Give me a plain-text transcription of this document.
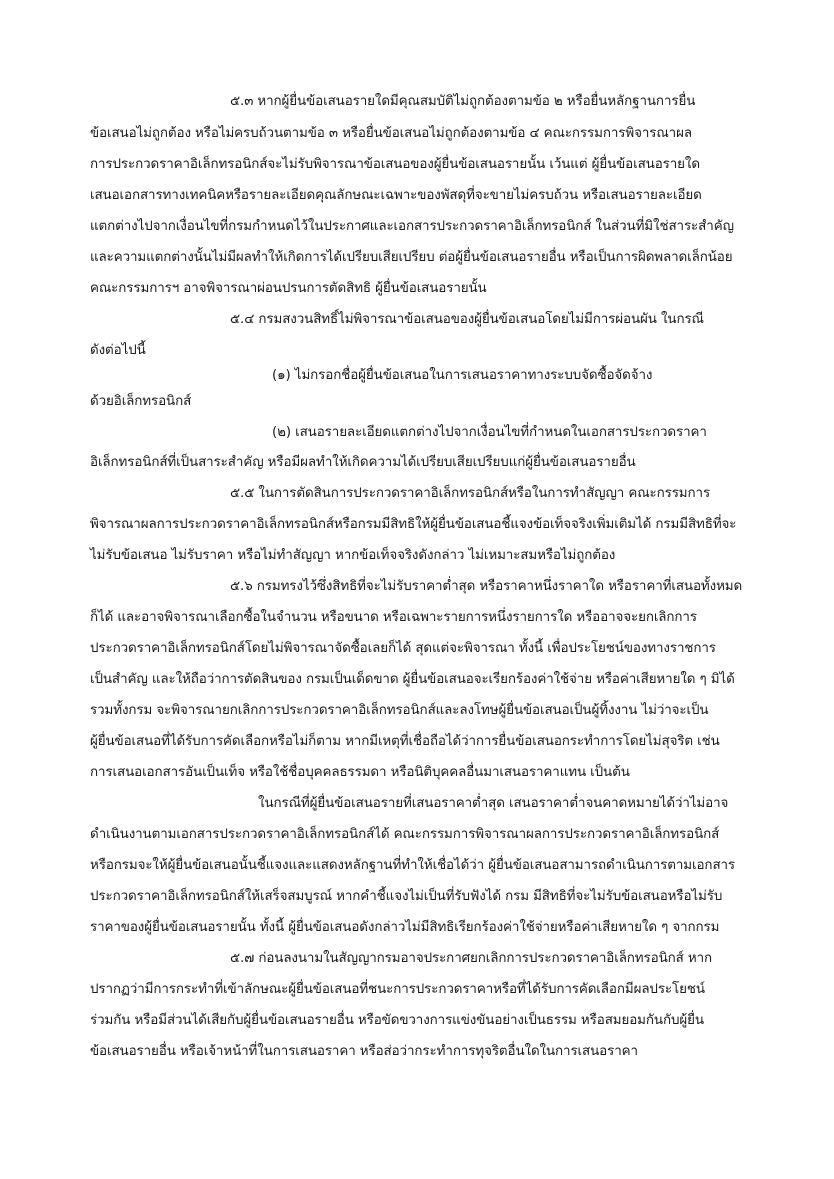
๕.๓ หากผู้ยื่นข้อเสนอรายใดมีคุณสมบัติไม่ถูกต้องตามข้อ ๒ หรือยื่นหลักฐานการยื่น
ข้อเสนอไม่ถูกต้อง หรือไม่ครบถ้วนตามข้อ ๓ หรือยื่นข้อเสนอไม่ถูกต้องตามข้อ ๔ คณะกรรมการพิจารณาผล
การประกวดราคาอิเล็กทรอนิกส์จะไม่รับพิจารณาข้อเสนอของผู้ยื่นข้อเสนอรายนั้น เว้นแต่ ผู้ยื่นข้อเสนอรายใด
เสนอเอกสารทางเทคนิคหรือรายละเอียดคุณลักษณะเฉพาะของพัสดุที่จะขายไม่ครบถ้วน หรือเสนอรายละเอียด
แตกต่างไปจากเงื่อนไขที่กรมกำหนดไว้ในประกาศและเอกสารประกวดราคาอิเล็กทรอนิกส์ ในส่วนที่มิใช่สาระสำคัญ
และความแตกต่างนั้นไม่มีผลทำให้เกิดการได้เปรียบเสียเปรียบ ต่อผู้ยื่นข้อเสนอรายอื่น หรือเป็นการผิดพลาดเล็กน้อย
คณะกรรมการฯ อาจพิจารณาผ่อนปรนการตัดสิทธิ ผู้ยื่นข้อเสนอรายนั้น
๕.๔ กรมสงวนสิทธิ์ไม่พิจารณาข้อเสนอของผู้ยื่นข้อเสนอโดยไม่มีการผ่อนผัน ในกรณี
ดังต่อไปนี้
(๑) ไม่กรอกชื่อผู้ยื่นข้อเสนอในการเสนอราคาทางระบบจัดซื้อจัดจ้าง
ด้วยอิเล็กทรอนิกส์
(๒) เสนอรายละเอียดแตกต่างไปจากเงื่อนไขที่กำหนดในเอกสารประกวดราคา
อิเล็กทรอนิกส์ที่เป็นสาระสำคัญ หรือมีผลทำให้เกิดความได้เปรียบเสียเปรียบแก่ผู้ยื่นข้อเสนอรายอื่น
๕.๕ ในการตัดสินการประกวดราคาอิเล็กทรอนิกส์หรือในการทำสัญญา คณะกรรมการ
พิจารณาผลการประกวดราคาอิเล็กทรอนิกส์หรือกรมมีสิทธิให้ผู้ยื่นข้อเสนอชี้แจงข้อเท็จจริงเพิ่มเติมได้ กรมมีสิทธิที่จะ
ไม่รับข้อเสนอ ไม่รับราคา หรือไม่ทำสัญญา หากข้อเท็จจริงดังกล่าว ไม่เหมาะสมหรือไม่ถูกต้อง
๕.๖ กรมทรงไว้ซึ่งสิทธิที่จะไม่รับราคาต่ำสุด หรือราคาหนึ่งราคาใด หรือราคาที่เสนอทั้งหมด
ก็ได้ และอาจพิจารณาเลือกซื้อในจำนวน หรือขนาด หรือเฉพาะรายการหนึ่งรายการใด หรืออาจจะยกเลิกการ
ประกวดราคาอิเล็กทรอนิกส์โดยไม่พิจารณาจัดซื้อเลยก็ได้ สุดแต่จะพิจารณา ทั้งนี้ เพื่อประโยชน์ของทางราชการ
เป็นสำคัญ และให้ถือว่าการตัดสินของ กรมเป็นเด็ดขาด ผู้ยื่นข้อเสนอจะเรียกร้องค่าใช้จ่าย หรือค่าเสียหายใด ๆ มิได้
รวมทั้งกรม จะพิจารณายกเลิกการประกวดราคาอิเล็กทรอนิกส์และลงโทษผู้ยื่นข้อเสนอเป็นผู้ทิ้งงาน ไม่ว่าจะเป็น
ผู้ยื่นข้อเสนอที่ได้รับการคัดเลือกหรือไม่ก็ตาม หากมีเหตุที่เชื่อถือได้ว่าการยื่นข้อเสนอกระทำการโดยไม่สุจริต เช่น
การเสนอเอกสารอันเป็นเท็จ หรือใช้ชื่อบุคคลธรรมดา หรือนิติบุคคลอื่นมาเสนอราคาแทน เป็นต้น
ในกรณีที่ผู้ยื่นข้อเสนอรายที่เสนอราคาต่ำสุด เสนอราคาต่ำจนคาดหมายได้ว่าไม่อาจ
ดำเนินงานตามเอกสารประกวดราคาอิเล็กทรอนิกส์ได้ คณะกรรมการพิจารณาผลการประกวดราคาอิเล็กทรอนิกส์
หรือกรมจะให้ผู้ยื่นข้อเสนอนั้นชี้แจงและแสดงหลักฐานที่ทำให้เชื่อได้ว่า ผู้ยื่นข้อเสนอสามารถดำเนินการตามเอกสาร
ประกวดราคาอิเล็กทรอนิกส์ให้เสร็จสมบูรณ์ หากคำชี้แจงไม่เป็นที่รับฟังได้ กรม มีสิทธิที่จะไม่รับข้อเสนอหรือไม่รับ
ราคาของผู้ยื่นข้อเสนอรายนั้น ทั้งนี้ ผู้ยื่นข้อเสนอดังกล่าวไม่มีสิทธิเรียกร้องค่าใช้จ่ายหรือค่าเสียหายใด ๆ จากกรม
๕.๗ ก่อนลงนามในสัญญากรมอาจประกาศยกเลิกการประกวดราคาอิเล็กทรอนิกส์ หาก
ปรากฏว่ามีการกระทำที่เข้าลักษณะผู้ยื่นข้อเสนอที่ชนะการประกวดราคาหรือที่ได้รับการคัดเลือกมีผลประโยชน์
ร่วมกัน หรือมีส่วนได้เสียกับผู้ยื่นข้อเสนอรายอื่น หรือขัดขวางการแข่งขันอย่างเป็นธรรม หรือสมยอมกันกับผู้ยื่น
ข้อเสนอรายอื่น หรือเจ้าหน้าที่ในการเสนอราคา หรือส่อว่ากระทำการทุจริตอื่นใดในการเสนอราคา
